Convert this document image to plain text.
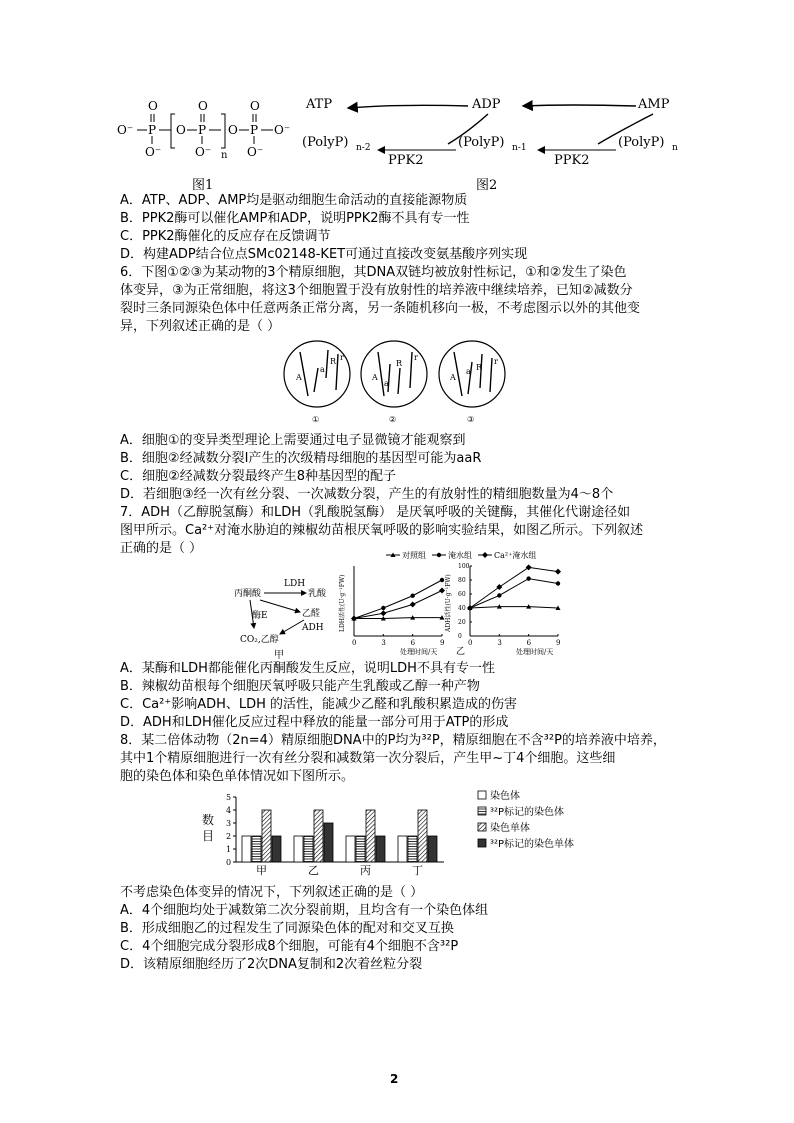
O⁻ P
O
O⁻
O P
O
O⁻ n
O P
O
O⁻
O⁻
图1
ATP	ADP	AMP
(PolyP) n-2	(PolyP) n-1	(PolyP) n
PPK2	PPK2
图2
A．ATP、ADP、AMP均是驱动细胞生命活动的直接能源物质
B．PPK2酶可以催化AMP和ADP，说明PPK2酶不具有专一性
C．PPK2酶催化的反应存在反馈调节
D．构建ADP结合位点SMc02148-KET可通过直接改变氨基酸序列实现
6．下图①②③为某动物的3个精原细胞，其DNA双链均被放射性标记，①和②发生了染色
体变异，③为正常细胞，将这3个细胞置于没有放射性的培养液中继续培养，已知②减数分
裂时三条同源染色体中任意两条正常分离，另一条随机移向一极，不考虑图示以外的其他变
异，下列叙述正确的是（ ）
A
a
R r
①
A
a
R
r
②
A
a R
r
③
A．细胞①的变异类型理论上需要通过电子显微镜才能观察到
B．细胞②经减数分裂Ⅰ产生的次级精母细胞的基因型可能为aaR
C．细胞②经减数分裂最终产生8种基因型的配子
D．若细胞③经一次有丝分裂、一次减数分裂，产生的有放射性的精细胞数量为4～8个
7．ADH（乙醇脱氢酶）和LDH（乳酸脱氢酶） 是厌氧呼吸的关键酶，其催化代谢途径如
图甲所示。Ca²⁺对淹水胁迫的辣椒幼苗根厌氧呼吸的影响实验结果，如图乙所示。下列叙述
正确的是（ ）
丙酮酸
LDH
乳酸
酶E	乙醛
ADH
CO₂,乙醇
甲
对照组	淹水组	Ca²⁺淹水组
0	3	6	9
处理时间/天
LDH活性(U·g⁻¹FW)
0	3	6	9
0
20
40
60
80
100
处理时间/天
ADH活性(U·g⁻¹FW)
乙
A．某酶和LDH都能催化丙酮酸发生反应，说明LDH不具有专一性
B．辣椒幼苗根每个细胞厌氧呼吸只能产生乳酸或乙醇一种产物
C．Ca²⁺影响ADH、LDH 的活性，能减少乙醛和乳酸积累造成的伤害
D．ADH和LDH催化反应过程中释放的能量一部分可用于ATP的形成
8．某二倍体动物（2n=4）精原细胞DNA中的P均为³²P，精原细胞在不含³²P的培养液中培养，
其中1个精原细胞进行一次有丝分裂和减数第一次分裂后，产生甲~丁4个细胞。这些细
胞的染色体和染色单体情况如下图所示。
0
1
2
3
4
5
数
目
甲	乙	丙	丁
染色体
³²P标记的染色体
染色单体
³²P标记的染色单体
不考虑染色体变异的情况下，下列叙述正确的是（ ）
A．4个细胞均处于减数第二次分裂前期，且均含有一个染色体组
B．形成细胞乙的过程发生了同源染色体的配对和交叉互换
C．4个细胞完成分裂形成8个细胞，可能有4个细胞不含³²P
D．该精原细胞经历了2次DNA复制和2次着丝粒分裂
2
